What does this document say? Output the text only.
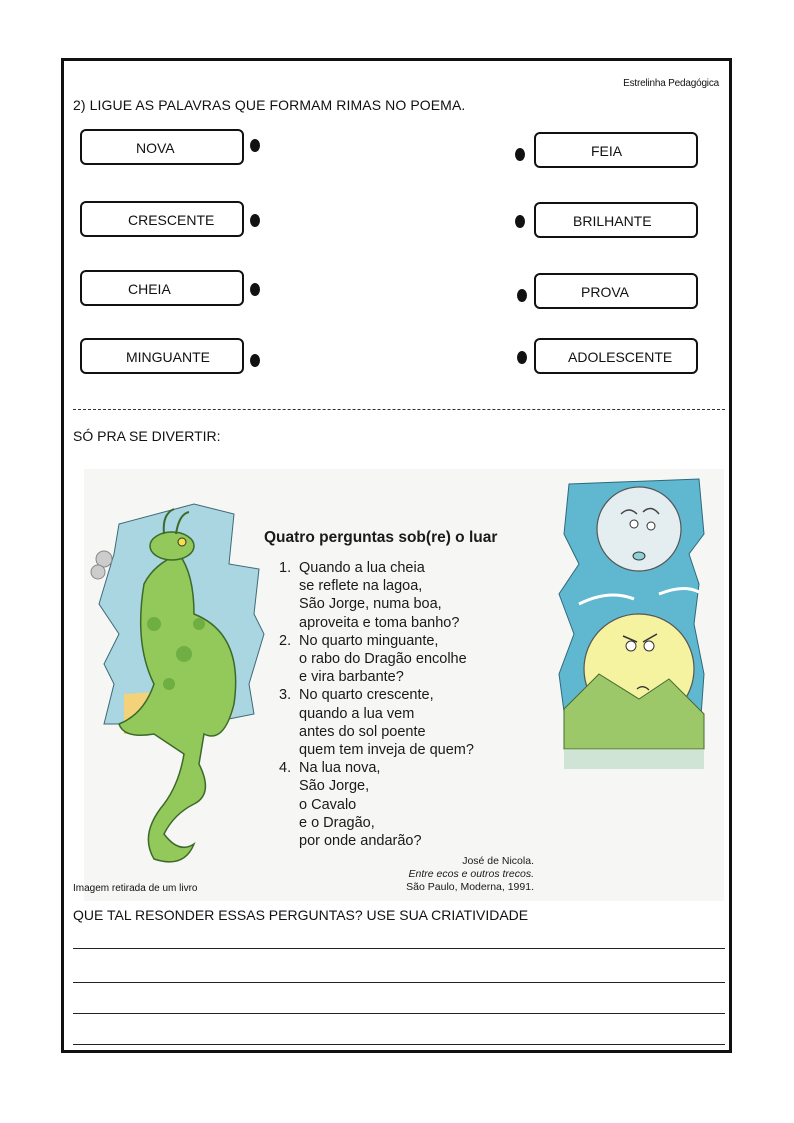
Estrelinha Pedagógica
2) LIGUE AS PALAVRAS QUE FORMAM RIMAS NO POEMA.
NOVA
CRESCENTE
CHEIA
MINGUANTE
FEIA
BRILHANTE
PROVA
ADOLESCENTE
SÓ PRA SE DIVERTIR:
Quatro perguntas sob(re) o luar
1. Quando a lua cheia
se reflete na lagoa,
São Jorge, numa boa,
aproveita e toma banho?
2. No quarto minguante,
o rabo do Dragão encolhe
e vira barbante?
3. No quarto crescente,
quando a lua vem
antes do sol poente
quem tem inveja de quem?
4. Na lua nova,
São Jorge,
o Cavalo
e o Dragão,
por onde andarão?
José de Nicola.
Entre ecos e outros trecos.
São Paulo, Moderna, 1991.
Imagem retirada de um livro
QUE TAL RESONDER ESSAS PERGUNTAS? USE SUA CRIATIVIDADE
